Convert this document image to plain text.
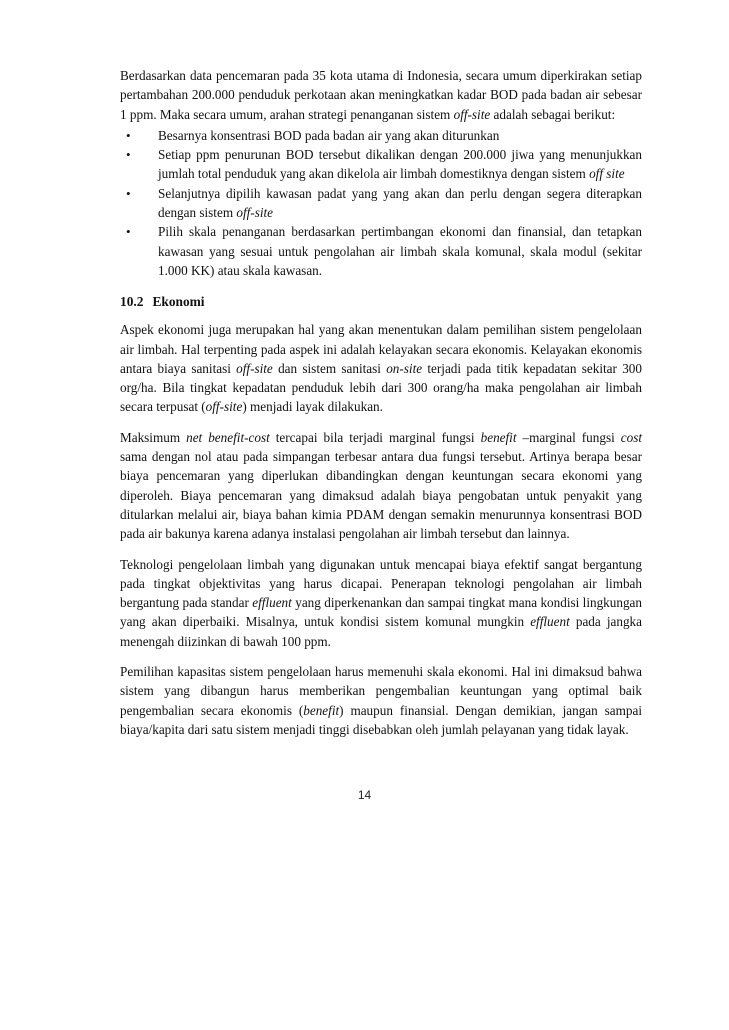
Berdasarkan data pencemaran pada 35 kota utama di Indonesia, secara umum diperkirakan setiap pertambahan 200.000 penduduk perkotaan akan meningkatkan kadar BOD pada badan air sebesar 1 ppm. Maka secara umum, arahan strategi penanganan sistem off-site adalah sebagai berikut:

• Besarnya konsentrasi BOD pada badan air yang akan diturunkan
• Setiap ppm penurunan BOD tersebut dikalikan dengan 200.000 jiwa yang menunjukkan jumlah total penduduk yang akan dikelola air limbah domestiknya dengan sistem off site
• Selanjutnya dipilih kawasan padat yang yang akan dan perlu dengan segera diterapkan dengan sistem off-site
• Pilih skala penanganan berdasarkan pertimbangan ekonomi dan finansial, dan tetapkan kawasan yang sesuai untuk pengolahan air limbah skala komunal, skala modul (sekitar 1.000 KK) atau skala kawasan.
10.2 Ekonomi

Aspek ekonomi juga merupakan hal yang akan menentukan dalam pemilihan sistem pengelolaan air limbah. Hal terpenting pada aspek ini adalah kelayakan secara ekonomis. Kelayakan ekonomis antara biaya sanitasi off-site dan sistem sanitasi on-site terjadi pada titik kepadatan sekitar 300 org/ha. Bila tingkat kepadatan penduduk lebih dari 300 orang/ha maka pengolahan air limbah secara terpusat (off-site) menjadi layak dilakukan.

Maksimum net benefit-cost tercapai bila terjadi marginal fungsi benefit –marginal fungsi cost sama dengan nol atau pada simpangan terbesar antara dua fungsi tersebut. Artinya berapa besar biaya pencemaran yang diperlukan dibandingkan dengan keuntungan secara ekonomi yang diperoleh. Biaya pencemaran yang dimaksud adalah biaya pengobatan untuk penyakit yang ditularkan melalui air, biaya bahan kimia PDAM dengan semakin menurunnya konsentrasi BOD pada air bakunya karena adanya instalasi pengolahan air limbah tersebut dan lainnya.

Teknologi pengelolaan limbah yang digunakan untuk mencapai biaya efektif sangat bergantung pada tingkat objektivitas yang harus dicapai. Penerapan teknologi pengolahan air limbah bergantung pada standar effluent yang diperkenankan dan sampai tingkat mana kondisi lingkungan yang akan diperbaiki. Misalnya, untuk kondisi sistem komunal mungkin effluent pada jangka menengah diizinkan di bawah 100 ppm.

Pemilihan kapasitas sistem pengelolaan harus memenuhi skala ekonomi. Hal ini dimaksud bahwa sistem yang dibangun harus memberikan pengembalian keuntungan yang optimal baik pengembalian secara ekonomis (benefit) maupun finansial. Dengan demikian, jangan sampai biaya/kapita dari satu sistem menjadi tinggi disebabkan oleh jumlah pelayanan yang tidak layak.

14
